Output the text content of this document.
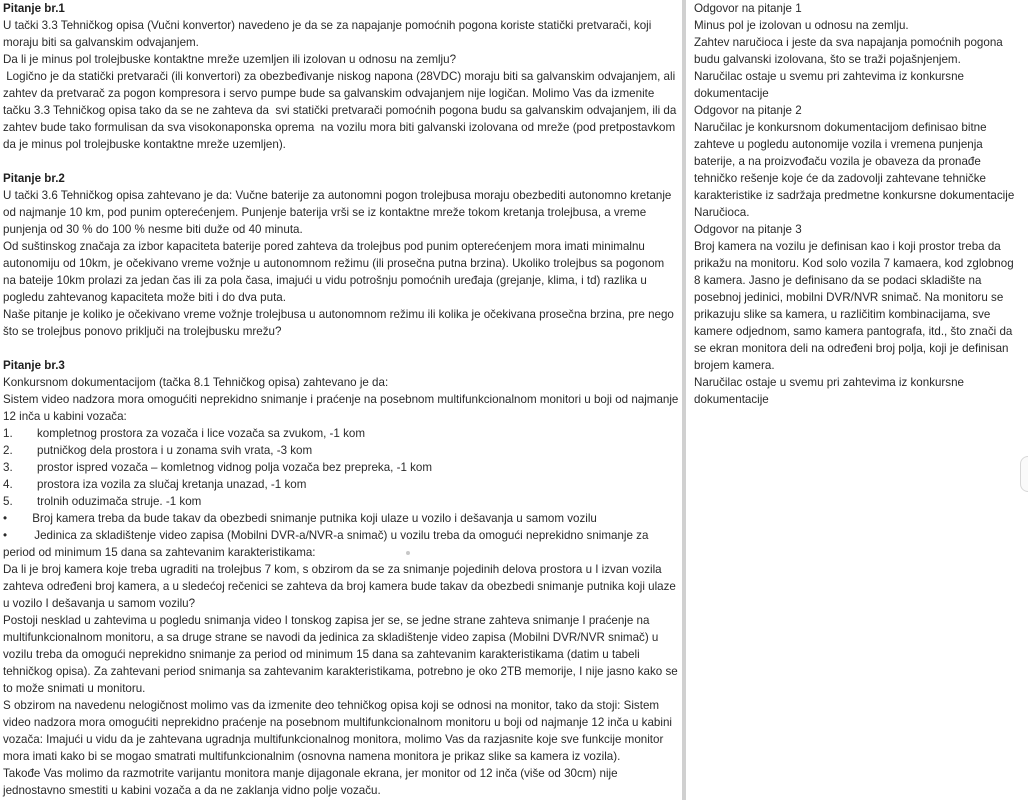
Pitanje br.1

U tački 3.3 Tehničkog opisa (Vučni konvertor) navedeno je da se za napajanje pomoćnih pogona koriste statički pretvarači, koji moraju biti sa galvanskim odvajanjem.

Da li je minus pol trolejbuske kontaktne mreže uzemljen ili izolovan u odnosu na zemlju?

Logično je da statički pretvarači (ili konvertori) za obezbeđivanje niskog napona (28VDC) moraju biti sa galvanskim odvajanjem, ali zahtev da pretvarač za pogon kompresora i servo pumpe bude sa galvanskim odvajanjem nije logičan. Molimo Vas da izmenite tačku 3.3 Tehničkog opisa tako da se ne zahteva da  svi statički pretvarači pomoćnih pogona budu sa galvanskim odvajanjem, ili da zahtev bude tako formulisan da sva visokonaponska oprema  na vozilu mora biti galvanski izolovana od mreže (pod pretpostavkom da je minus pol trolejbuske kontaktne mreže uzemljen).

Pitanje br.2

U tački 3.6 Tehničkog opisa zahtevano je da: Vučne baterije za autonomni pogon trolejbusa moraju obezbediti autonomno kretanje od najmanje 10 km, pod punim opterećenjem. Punjenje baterija vrši se iz kontaktne mreže tokom kretanja trolejbusa, a vreme punjenja od 30 % do 100 % nesme biti duže od 40 minuta.

Od suštinskog značaja za izbor kapaciteta baterije pored zahteva da trolejbus pod punim opterećenjem mora imati minimalnu autonomiju od 10km, je očekivano vreme vožnje u autonomnom režimu (ili prosečna putna brzina). Ukoliko trolejbus sa pogonom na bateije 10km prolazi za jedan čas ili za pola časa, imajući u vidu potrošnju pomoćnih uređaja (grejanje, klima, i td) razlika u pogledu zahtevanog kapaciteta može biti i do dva puta.

Naše pitanje je koliko je očekivano vreme vožnje trolejbusa u autonomnom režimu ili kolika je očekivana prosečna brzina, pre nego što se trolejbus ponovo priključi na trolejbusku mrežu?

Pitanje br.3

Konkursnom dokumentacijom (tačka 8.1 Tehničkog opisa) zahtevano je da:

Sistem video nadzora mora omogućiti neprekidno snimanje i praćenje na posebnom multifunkcionalnom monitori u boji od najmanje 12 inča u kabini vozača:

1. kompletnog prostora za vozača i lice vozača sa zvukom, -1 kom
2. putničkog dela prostora i u zonama svih vrata, -3 kom
3. prostor ispred vozača – komletnog vidnog polja vozača bez prepreka, -1 kom
4. prostora iza vozila za slučaj kretanja unazad, -1 kom
5. trolnih oduzimača struje. -1 kom
• Broj kamera treba da bude takav da obezbedi snimanje putnika koji ulaze u vozilo i dešavanja u samom vozilu
• Jedinica za skladištenje video zapisa (Mobilni DVR-a/NVR-a snimač) u vozilu treba da omogući neprekidno snimanje za period od minimum 15 dana sa zahtevanim karakteristikama:

Da li je broj kamera koje treba ugraditi na trolejbus 7 kom, s obzirom da se za snimanje pojedinih delova prostora u I izvan vozila zahteva određeni broj kamera, a u sledećoj rečenici se zahteva da broj kamera bude takav da obezbedi snimanje putnika koji ulaze u vozilo I dešavanja u samom vozilu?

Postoji nesklad u zahtevima u pogledu snimanja video I tonskog zapisa jer se, se jedne strane zahteva snimanje I praćenje na multifunkcionalnom monitoru, a sa druge strane se navodi da jedinica za skladištenje video zapisa (Mobilni DVR/NVR snimač) u vozilu treba da omogući neprekidno snimanje za period od minimum 15 dana sa zahtevanim karakteristikama (datim u tabeli tehničkog opisa). Za zahtevani period snimanja sa zahtevanim karakteristikama, potrebno je oko 2TB memorije, I nije jasno kako se to može snimati u monitoru.

S obzirom na navedenu nelogičnost molimo vas da izmenite deo tehničkog opisa koji se odnosi na monitor, tako da stoji: Sistem video nadzora mora omogućiti neprekidno praćenje na posebnom multifunkcionalnom monitoru u boji od najmanje 12 inča u kabini vozača: Imajući u vidu da je zahtevana ugradnja multifunkcionalnog monitora, molimo Vas da razjasnite koje sve funkcije monitor mora imati kako bi se mogao smatrati multifunkcionalnim (osnovna namena monitora je prikaz slike sa kamera iz vozila).

Takođe Vas molimo da razmotrite varijantu monitora manje dijagonale ekrana, jer monitor od 12 inča (više od 30cm) nije jednostavno smestiti u kabini vozača a da ne zaklanja vidno polje vozaču.

Odgovor na pitanje 1

Minus pol je izolovan u odnosu na zemlju.

Zahtev naručioca i jeste da sva napajanja pomoćnih pogona budu galvanski izolovana, što se traži pojašnjenjem.

Naručilac ostaje u svemu pri zahtevima iz konkursne dokumentacije

Odgovor na pitanje 2

Naručilac je konkursnom dokumentacijom definisao bitne zahteve u pogledu autonomije vozila i vremena punjenja baterije, a na proizvođaču vozila je obaveza da pronađe tehničko rešenje koje će da zadovolji zahtevane tehničke karakteristike iz sadržaja predmetne konkursne dokumentacije Naručioca.

Odgovor na pitanje 3

Broj kamera na vozilu je definisan kao i koji prostor treba da prikažu na monitoru. Kod solo vozila 7 kamaera, kod zglobnog 8 kamera. Jasno je definisano da se podaci skladište na posebnoj jedinici, mobilni DVR/NVR snimač. Na monitoru se prikazuju slike sa kamera, u različitim kombinacijama, sve kamere odjednom, samo kamera pantografa, itd., što znači da se ekran monitora deli na određeni broj polja, koji je definisan brojem kamera.

Naručilac ostaje u svemu pri zahtevima iz konkursne dokumentacije
